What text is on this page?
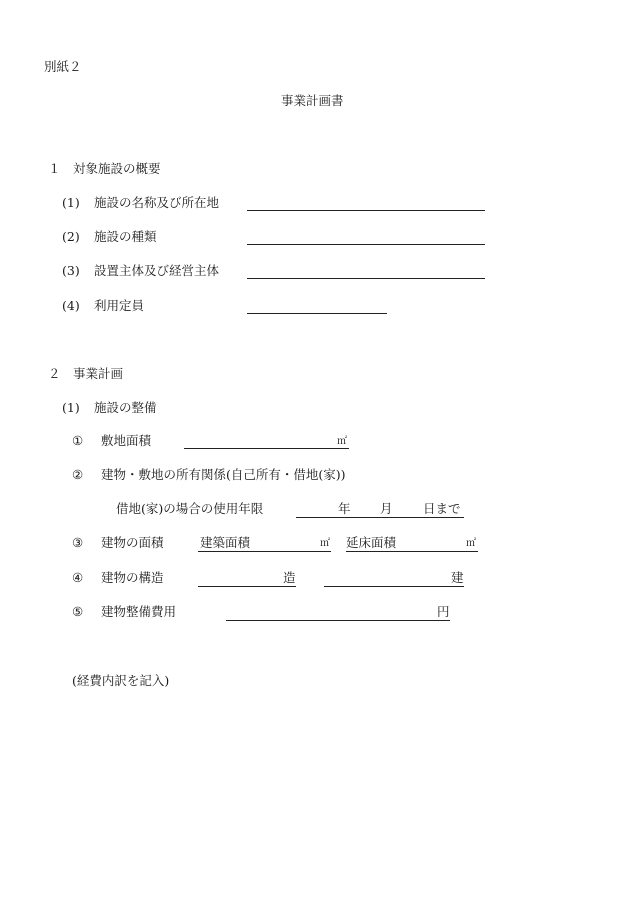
別紙２
事業計画書
１　対象施設の概要
(1) 施設の名称及び所在地
(2) 施設の種類
(3) 設置主体及び経営主体
(4) 利用定員
２　事業計画
(1) 施設の整備
① 敷地面積	㎡
② 建物・敷地の所有関係(自己所有・借地(家))
借地(家)の場合の使用年限	年 月 日まで
③ 建物の面積	建築面積	㎡ 延床面積	㎡
④ 建物の構造	造	建
⑤ 建物整備費用	円
(経費内訳を記入)
